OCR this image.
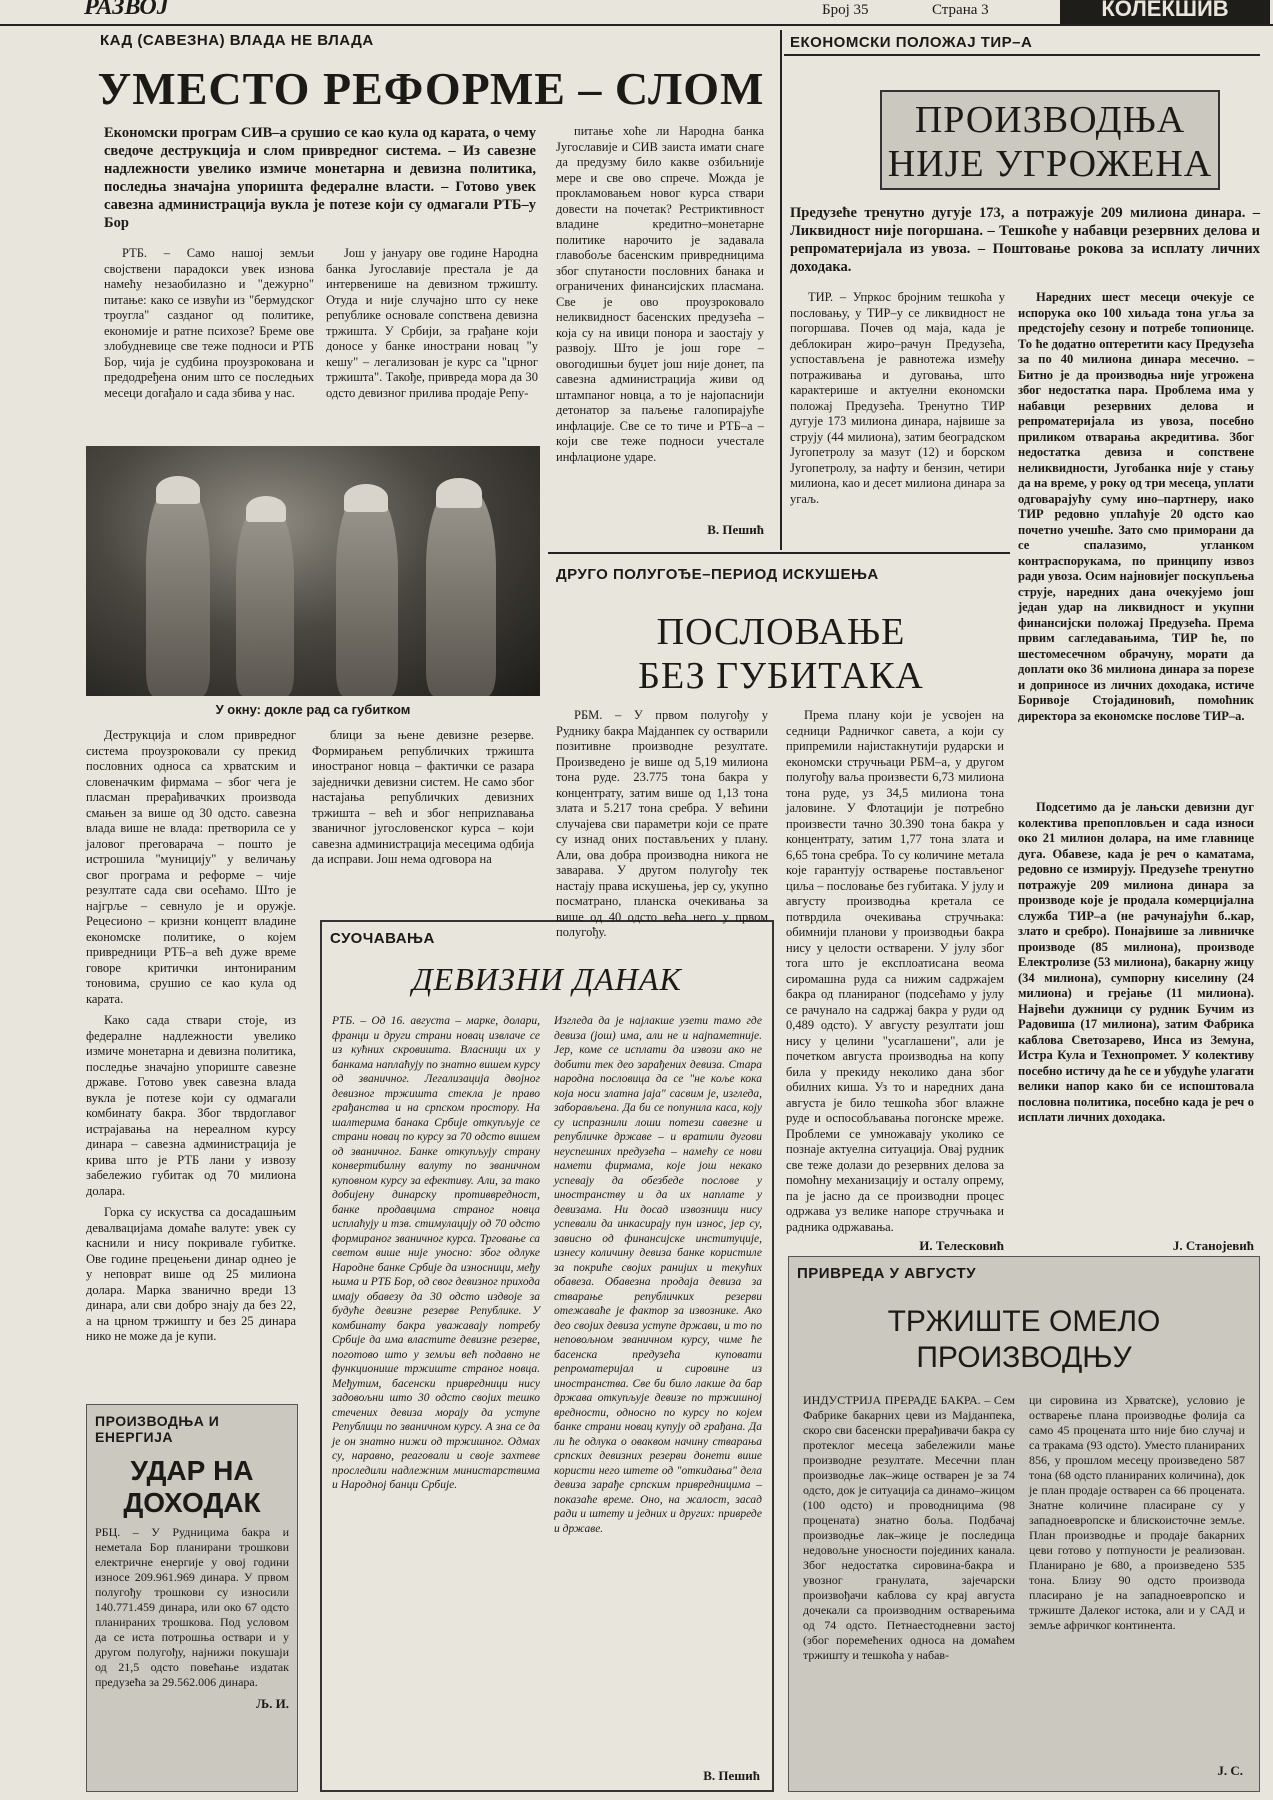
РАЗВОЈ	Број 35	Страна 3	КОЛЕКШИВ
КАД (САВЕЗНА) ВЛАДА НЕ ВЛАДА
УМЕСТО РЕФОРМЕ – СЛОМ
Економски програм СИВ–а срушио се као кула од карата, о чему сведоче деструкција и слом привредног система. – Из савезне надлежности увелико измиче монетарна и девизна политика, последња значајна упоришта федералне власти. – Готово увек савезна администрација вукла је потезе који су одмагали РТБ–у Бор

РТБ. – Само нашој земљи својствени парадокси увек изнова намећу незаобилазно и "дежурно" питање: како се извући из "бермудског троугла" сазданог од политике, економије и ратне психозе? Бреме ове злобудневице све теже подноси и РТБ Бор, чија је судбина проузрокована и предодређена оним што се последњих месеци догађало и сада збива у нас.

Још у јануару ове године Народна банка Југославије престала је да интервенише на девизном тржишту. Отуда и није случајно што су неке републике основале сопствена девизна тржишта. У Србији, за грађане који доносе у банке инострани новац "у кешу" – легализован је курс са "црног тржишта". Такође, привреда мора да 30 одсто девизног прилива продаје Репу-

питање хоће ли Народна банка Југославије и СИВ заиста имати снаге да предузму било какве озбиљније мере и све ово спрече. Можда је прокламовањем новог курса ствари довести на почетак? Рестриктивност владине кредитно–монетарне политике нарочито је задавала главобоље басенским привредницима због спутаности пословних банака и ограничених финансијских пласмана. Све је ово проузроковало неликвидност басенских предузећа – која су на ивици понора и заостају у развоју. Што је још горе – овогодишњи буџет још није донет, па савезна администрација живи од штампаног новца, а то је најопаснији детонатор за паљење галопирајуће инфлације. Све се то тиче и РТБ–а – који све теже подноси учестале инфлационе ударе.

В. Пешић
У окну: докле рад са губитком

Деструкција и слом привредног система проузроковали су прекид пословних односа са хрватским и словеначким фирмама – због чега је пласман прерађивачких производа смањен за више од 30 одсто. савезна влада више не влада: претворила се у јаловог преговарача – пошто је истрошила "муницију" у величању свог програма и реформе – чије резултате сада сви осећамо. Што је најгрље – севнуло је и оружје. Рецесионо – кризни концепт владине економске политике, о којем привредници РТБ–а већ дуже време говоре критички интонираним тоновима, срушио се као кула од карата.

Како сада ствари стоје, из федералне надлежности увелико измиче монетарна и девизна политика, последње значајно упориште савезне државе. Готово увек савезна влада вукла је потезе који су одмагали комбинату бакра. Због тврдоглавог истрајавања на нереалном курсу динара – савезна администрација је крива што је РТБ лани у извозу забележио губитак од 70 милиона долара.

Горка су искуства са досадашњим девалвацијама домаће валуте: увек су каснили и нису покривале губитке. Ове године прецењени динар однео је у неповрат више од 25 милиона долара. Марка званично вреди 13 динара, али сви добро знају да без 22, а на црном тржишту и без 25 динара нико не може да је купи.

блици за њене девизне резерве. Формирањем републичких тржишта иностраног новца – фактички се разара заједнички девизни систем. Не само због настајања републичких девизних тржишта – већ и због неприznавања званичног југословенског курса – који савезна администрација месецима одбија да исправи. Још нема одговора на

ПРОИЗВОДЊА И ЕНЕРГИЈА
УДАР НА ДОХОДАК
РБЦ. – У Рудницима бакра и неметала Бор планирани трошкови електричне енергије у овој години износе 209.961.969 динара. У првом полугођу трошкови су износили 140.771.459 динара, или око 67 одсто планираних трошкова. Под условом да се иста потрошња оствари и у другом полугођу, најнижи покушаји од 21,5 одсто повећање издатак предузећа за 29.562.006 динара.
Љ. И.
СУОЧАВАЊА
ДЕВИЗНИ ДАНАК
РТБ. – Од 16. августа – марке, долари, франци и други страни новац извлаче се из кућних скровишта. Власници их у банкама наплаћују по знатно вишем курсу од званичног. Легализација двојног девизног тржишта стекла је право грађанства и на српском простору. На шалтерима банака Србије откупљује се страни новац по курсу за 70 одсто вишем од званичног. Банке откупљују страну конвертибилну валуту по званичном куповном курсу за ефективу. Али, за тако добијену динарску противвредност, банке продавцима страног новца исплаћују и тзв. стимулацију од 70 одсто формираног званичног курса. Трговање са светом више није уносно: због одлуке Народне банке Србије да износници, међу њима и РТБ Бор, од свог девизног прихода имају обавезу да 30 одсто издвоје за будуће девизне резерве Републике. У комбинату бакра уважавају потребу Србије да има властите девизне резерве, поготово што у земљи већ подавно не функционише тржиште страног новца. Међутим, басенски привредници нису задовољни што 30 одсто својих тешко стечених девиза морају да уступе Републици по званичном курсу. А зна се да је он знатно нижи од тржишног. Одмах су, наравно, реаговали и своје захтеве проследили надлежним министарствима и Народној банци Србије.
Изгледа да је најлакше узети тамо где девиза (још) има, али не и најпаметније. Јер, коме се исплати да извози ако не добити тек део зарађених девиза. Стара народна пословица да се "не коље кока која носи златна јаја" сасвим је, изгледа, заборављена. Да би се попунила каса, коју су испразнили лоши потези савезне и републичке државе – и вратили дугови неуспешних предузећа – намећу се нови намети фирмама, које још некако успевају да обезбеде послове у иностранству и да их наплате у девизама. Ни досад извозници нису успевали да инкасирају пун износ, јер су, зависно од финансијске институције, изнесу количину девиза банке користиле за покриће својих ранијих и текућих обавеза. Обавезна продаја девиза за стварање републичких резерви отежаваће је фактор за извознике. Ако део својих девиза уступе држави, и то по неповољном званичном курсу, чиме ће басенска предузећа куповати репроматеријал и сировине из иностранства. Све би било лакше да бар држава откупљује девизе по тржишној вредности, односно по курсу по којем банке страни новац купују од грађана. Да ли ће одлука о оваквом начину стварања српских девизних резерви донети више користи него штете од "откидања" дела девиза зарађе српским привредницима – показаће време. Оно, на жалост, засад ради и штету и једних и других: привреде и државе.
В. Пешић
ЕКОНОМСКИ ПОЛОЖАЈ ТИР–А
ПРОИЗВОДЊА
НИЈЕ УГРОЖЕНА
Предузеће тренутно дугује 173, а потражује 209 милиона динара. – Ликвидност није погоршана. – Тешкоће у набавци резервних делова и репроматеријала из увоза. – Поштовање рокова за исплату личних доходака.

ТИР. – Упркос бројним тешкоћа у пословању, у ТИР–у се ликвидност не погоршава. Почев од маја, када је деблокиран жиро–рачун Предузећа, успостављена је равнотежа између потраживања и дуговања, што карактерише и актуелни економски положај Предузећа. Тренутно ТИР дугује 173 милиона динара, највише за струју (44 милиона), затим београдском Југопетролу за мазут (12) и борском Југопетролу, за нафту и бензин, четири милиона, као и десет милиона динара за угаљ.

Наредних шест месеци очекује се испорука око 100 хиљада тона угља за предстојећу сезону и потребе топионице. То ће додатно оптеретити касу Предузећа за по 40 милиона динара месечно. – Битно је да производња није угрожена због недостатка пара. Проблема има у набавци резервних делова и репроматеријала из увоза, посебно приликом отварања акредитива. Због недостатка девиза и сопствене неликвидности, Југобанка није у стању да на време, у року од три месеца, уплати одговарајућу суму ино–партнеру, иако ТИР редовно уплаћује 20 одсто као почетно учешће. Зато смо приморани да се спалазимо, угланком контраспорукама, по принципу извоз ради увоза. Осим најновијег поскупљења струје, наредних дана очекујемо још један удар на ликвидност и укупни финансијски положај Предузећа. Према првим сагледавањима, ТИР ће, по шестомесечном обрачуну, морати да доплати око 36 милиона динара за порезе и доприносе из личних доходака, истиче Боривоје Стојадиновић, помоћник директора за економске послове ТИР–а.

Подсетимо да је лањски девизни дуг колектива препопловљен и сада износи око 21 милион долара, на име главнице дуга. Обавезе, када је реч о каматама, редовно се измирују. Предузеће тренутно потражује 209 милиона динара за производе које је продала комерцијална служба ТИР–а (не рачунајући б..кар, злато и сребро). Понајвише за ливничке производе (85 милиона), производе Електролизе (53 милиона), бакарну жицу (34 милиона), сумпорну киселину (24 милиона) и грејање (11 милиона). Највећи дужници су рудник Бучим из Радовиша (17 милиона), затим Фабрика каблова Светозарево, Инса из Земуна, Истра Кула и Технопромет. У колективу посебно истичу да ће се и убудуће улагати велики напор како би се испоштовала пословна политика, посебно када је реч о исплати личних доходака.

Ј. Станојевић
ДРУГО ПОЛУГОЂЕ–ПЕРИОД ИСКУШЕЊА
ПОСЛОВАЊЕ
БЕЗ ГУБИТАКА

РБМ. – У првом полугођу у Руднику бакра Мајданпек су остварили позитивне производне резултате. Произведено је више од 5,19 милиона тона руде. 23.775 тона бакра у концентрату, затим више од 1,13 тона злата и 5.217 тона сребра. У већини случајева сви параметри који се прате су изнад оних постављених у плану. Али, ова добра производна никога не заварава. У другом полугођу тек настају права искушења, јер су, укупно посматрано, планска очекивања за више од 40 одсто већа него у првом полугођу.

Према плану који је усвојен на седници Радничког савета, а који су припремили најистакнутији рударски и економски стручњаци РБМ–а, у другом полугођу ваља произвести 6,73 милиона тона руде, уз 34,5 милиона тона јаловине. У Флотацији је потребно произвести тачно 30.390 тона бакра у концентрату, затим 1,77 тона злата и 6,65 тона сребра. То су количине метала које гарантују остварење постављеног циља – пословање без губитака. У јулу и августу производња кретала се потврдила очекивања стручњака: обимнији планови у производњи бакра нису у целости остварени. У јулу због тога што је експлоатисана веома сиромашна руда са нижим садржајем бакра од планираног (подсећамо у јулу се рачунало на садржај бакра у руди од 0,489 одсто). У августу резултати још нису у целини "усаглашени", али је почетком августа производња на копу била у прекиду неколико дана због обилних киша. Уз то и наредних дана августа је било тешкоћа због влажне руде и оспособљавања погонске мреже. Проблеми се умножавају уколико се познаје актуелна ситуација. Овај рудник све теже долази до резервних делова за помоћну механизацију и осталу опрему, па је јасно да се производни процес одржава уз велике напоре стручњака и радника одржавања.

И. Телесковић
ПРИВРЕДА У АВГУСТУ
ТРЖИШТЕ ОМЕЛО
ПРОИЗВОДЊУ
ИНДУСТРИЈА ПРЕРАДЕ БАКРА. – Сем Фабрике бакарних цеви из Мајданпека, скоро сви басенски прерађивачи бакра су протеклог месеца забележили мање производне резултате. Месечни план производње лак–жице остварен је за 74 одсто, док је ситуација са динамо–жицом (100 одсто) и проводницима (98 процената) знатно боља. Подбачај производње лак–жице је последица недовољне уносности појединих канала. Због недостатка сировина-бакра и увозног гранулата, зајечарски произвођачи каблова су крај августа дочекали са производним остварењима од 74 одсто. Петнаестодневни застој (због поремећених односа на домаћем тржишту и тешкоћа у набав-
ци сировина из Хрватске), условио је остварење плана производње фолија са само 45 процената што није био случај и са тракама (93 одсто). Уместо планираних 856, у прошлом месецу произведено 587 тона (68 одсто планираних количина), док је план продаје остварен са 66 процената. Знатне количине пласиране су у западноевропске и блискоисточне земље. План производње и продаје бакарних цеви готово у потпуности је реализован. Планирано је 680, а произведено 535 тона. Близу 90 одсто производа пласирано је на западноевропско и тржиште Далеког истока, али и у САД и земље афричког континента.
Ј. С.
